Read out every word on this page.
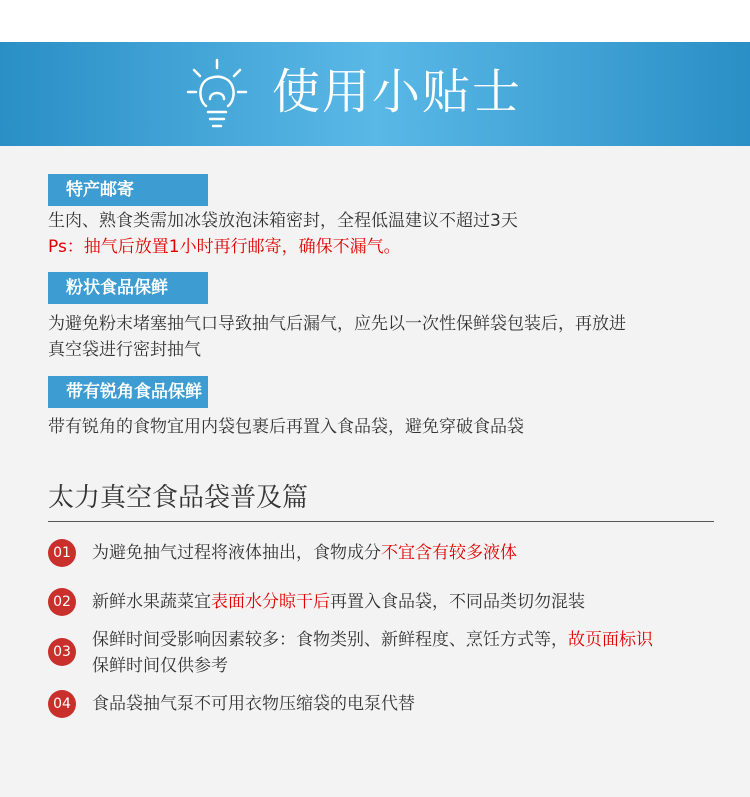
使用小贴士
特产邮寄
生肉、熟食类需加冰袋放泡沫箱密封，全程低温建议不超过3天
Ps：抽气后放置1小时再行邮寄，确保不漏气。
粉状食品保鲜
为避免粉末堵塞抽气口导致抽气后漏气，应先以一次性保鲜袋包装后，再放进
真空袋进行密封抽气
带有锐角食品保鲜
带有锐角的食物宜用内袋包裹后再置入食品袋，避免穿破食品袋
太力真空食品袋普及篇
01 为避免抽气过程将液体抽出，食物成分不宜含有较多液体
02 新鲜水果蔬菜宜表面水分晾干后再置入食品袋，不同品类切勿混装
03
保鲜时间受影响因素较多：食物类别、新鲜程度、烹饪方式等，故页面标识
保鲜时间仅供参考
04 食品袋抽气泵不可用衣物压缩袋的电泵代替
